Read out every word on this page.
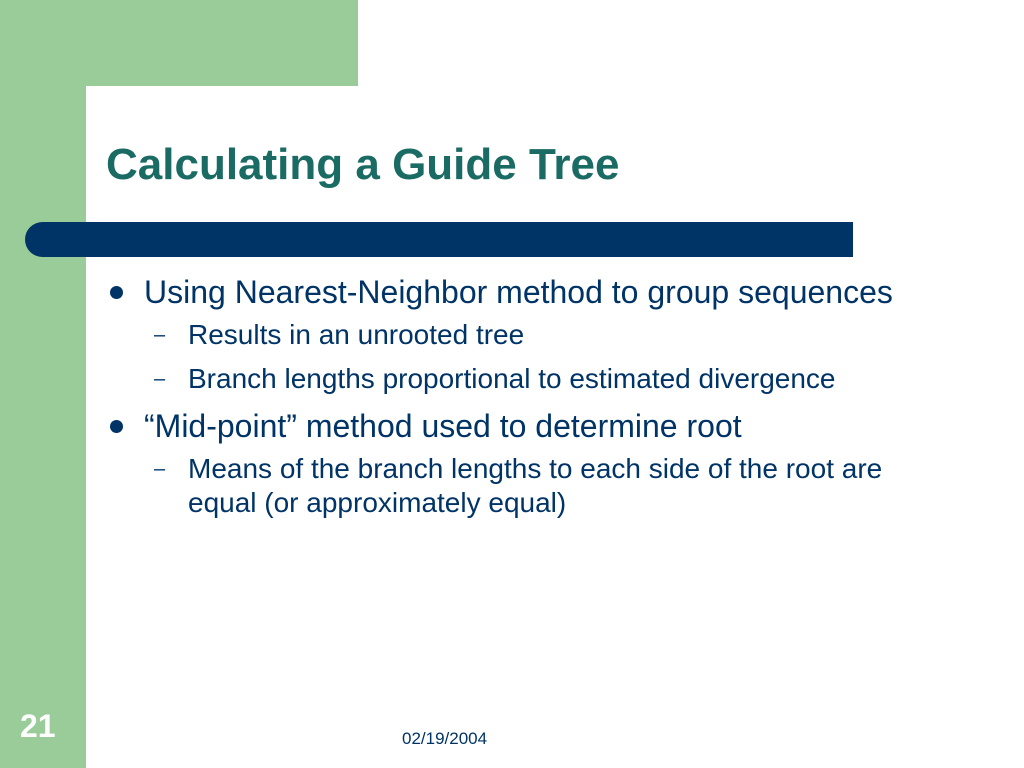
Calculating a Guide Tree
Using Nearest-Neighbor method to group sequences
– Results in an unrooted tree
– Branch lengths proportional to estimated divergence
“Mid-point” method used to determine root
– Means of the branch lengths to each side of the root are equal (or approximately equal)
21	02/19/2004
